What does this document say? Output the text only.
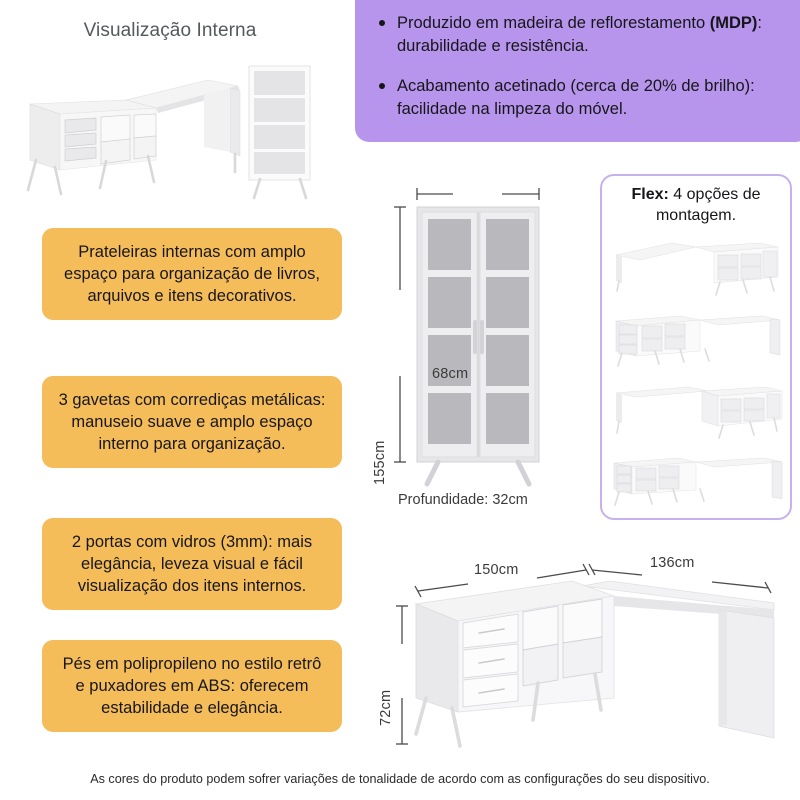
Visualização Interna	Produzido em madeira de reflorestamento (MDP): durabilidade e resistência.
Acabamento acetinado (cerca de 20% de brilho): facilidade na limpeza do móvel.
Prateleiras internas com amplo espaço para organização de livros, arquivos e itens decorativos.
3 gavetas com corrediças metálicas: manuseio suave e amplo espaço interno para organização.
2 portas com vidros (3mm): mais elegância, leveza visual e fácil visualização dos itens internos.
Pés em polipropileno no estilo retrô e puxadores em ABS: oferecem estabilidade e elegância.
68cm
155cm
Profundidade: 32cm
Flex: 4 opções de montagem.
150cm	136cm
72cm
As cores do produto podem sofrer variações de tonalidade de acordo com as configurações do seu dispositivo.
